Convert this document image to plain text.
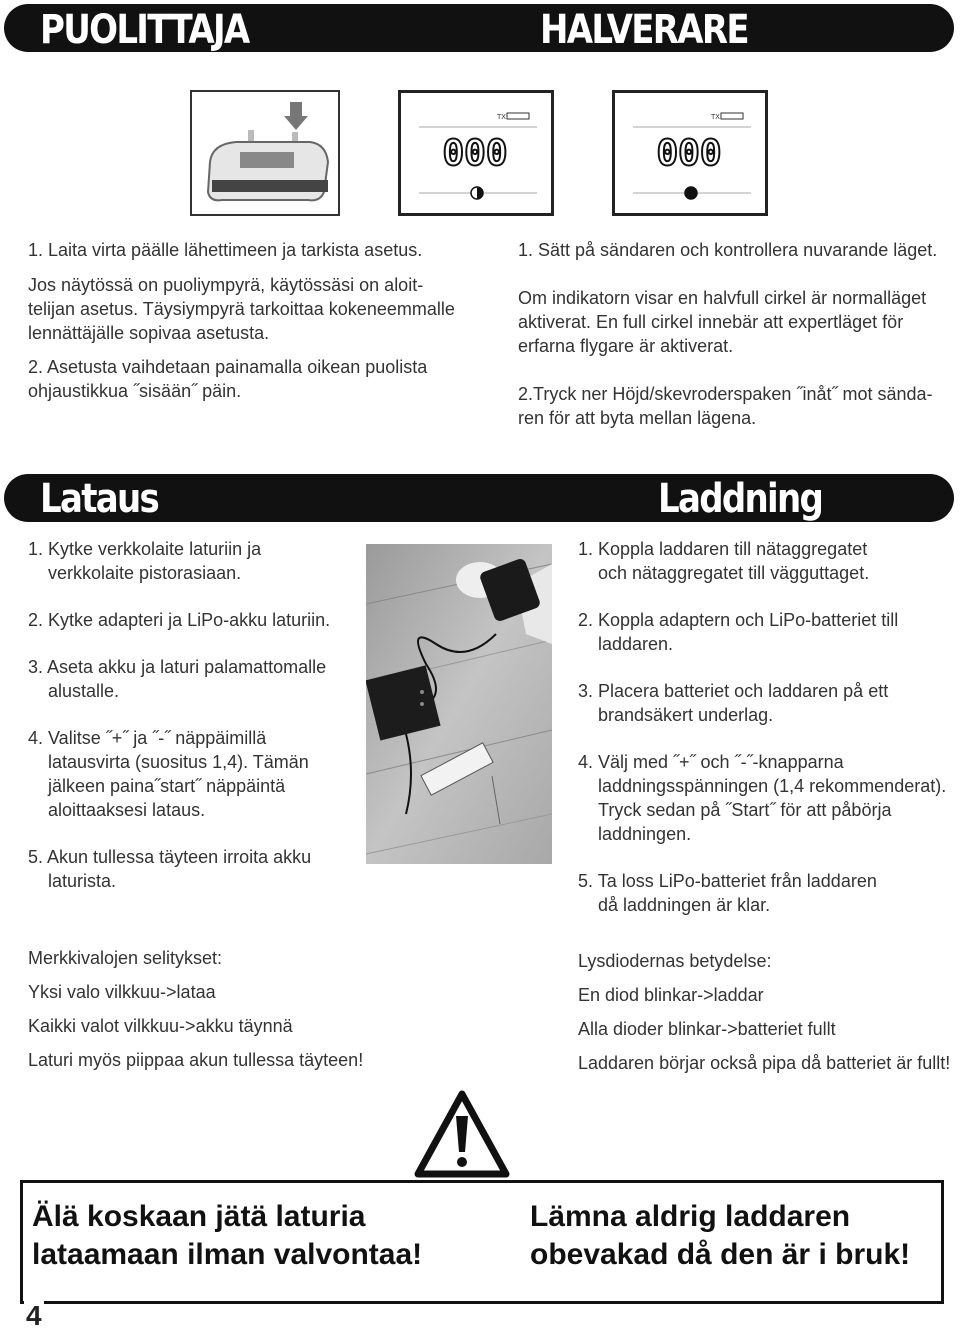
PUOLITTAJA	HALVERARE
TX
000
TX
000

1. Laita virta päälle lähettimeen ja tarkista asetus.

Jos näytössä on puoliympyrä, käytössäsi on aloit-

telijan asetus. Täysiympyrä tarkoittaa kokeneemmalle

lennättäjälle sopivaa asetusta.

2. Asetusta vaihdetaan painamalla oikean puolista

ohjaustikkua ˝sisään˝ päin.

1. Sätt på sändaren och kontrollera nuvarande läget.

Om indikatorn visar en halvfull cirkel är normalläget

aktiverat. En full cirkel innebär att expertläget för

erfarna flygare är aktiverat.

2.Tryck ner Höjd/skevroderspaken ˝inåt˝ mot sända-

ren för att byta mellan lägena.

Lataus	Laddning

1. Kytke verkkolaite laturiin ja

verkkolaite pistorasiaan.

2. Kytke adapteri ja LiPo-akku laturiin.

3. Aseta akku ja laturi palamattomalle

alustalle.

4. Valitse ˝+˝ ja ˝-˝ näppäimillä

latausvirta (suositus 1,4). Tämän

jälkeen paina˝start˝ näppäintä

aloittaaksesi lataus.

5. Akun tullessa täyteen irroita akku

laturista.

1. Koppla laddaren till nätaggregatet

och nätaggregatet till vägguttaget.

2. Koppla adaptern och LiPo-batteriet till

laddaren.

3. Placera batteriet och laddaren på ett

brandsäkert underlag.

4. Välj med ˝+˝ och ˝-˝-knapparna

laddningsspänningen (1,4 rekommenderat).

Tryck sedan på ˝Start˝ för att påbörja

laddningen.

5. Ta loss LiPo-batteriet från laddaren

då laddningen är klar.

Merkkivalojen selitykset:

Yksi valo vilkkuu->lataa

Kaikki valot vilkkuu->akku täynnä

Laturi myös piippaa akun tullessa täyteen!

Lysdiodernas betydelse:

En diod blinkar->laddar

Alla dioder blinkar->batteriet fullt

Laddaren börjar också pipa då batteriet är fullt!

Älä koskaan jätä laturia
lataamaan ilman valvontaa!
Lämna aldrig laddaren
obevakad då den är i bruk!
4
